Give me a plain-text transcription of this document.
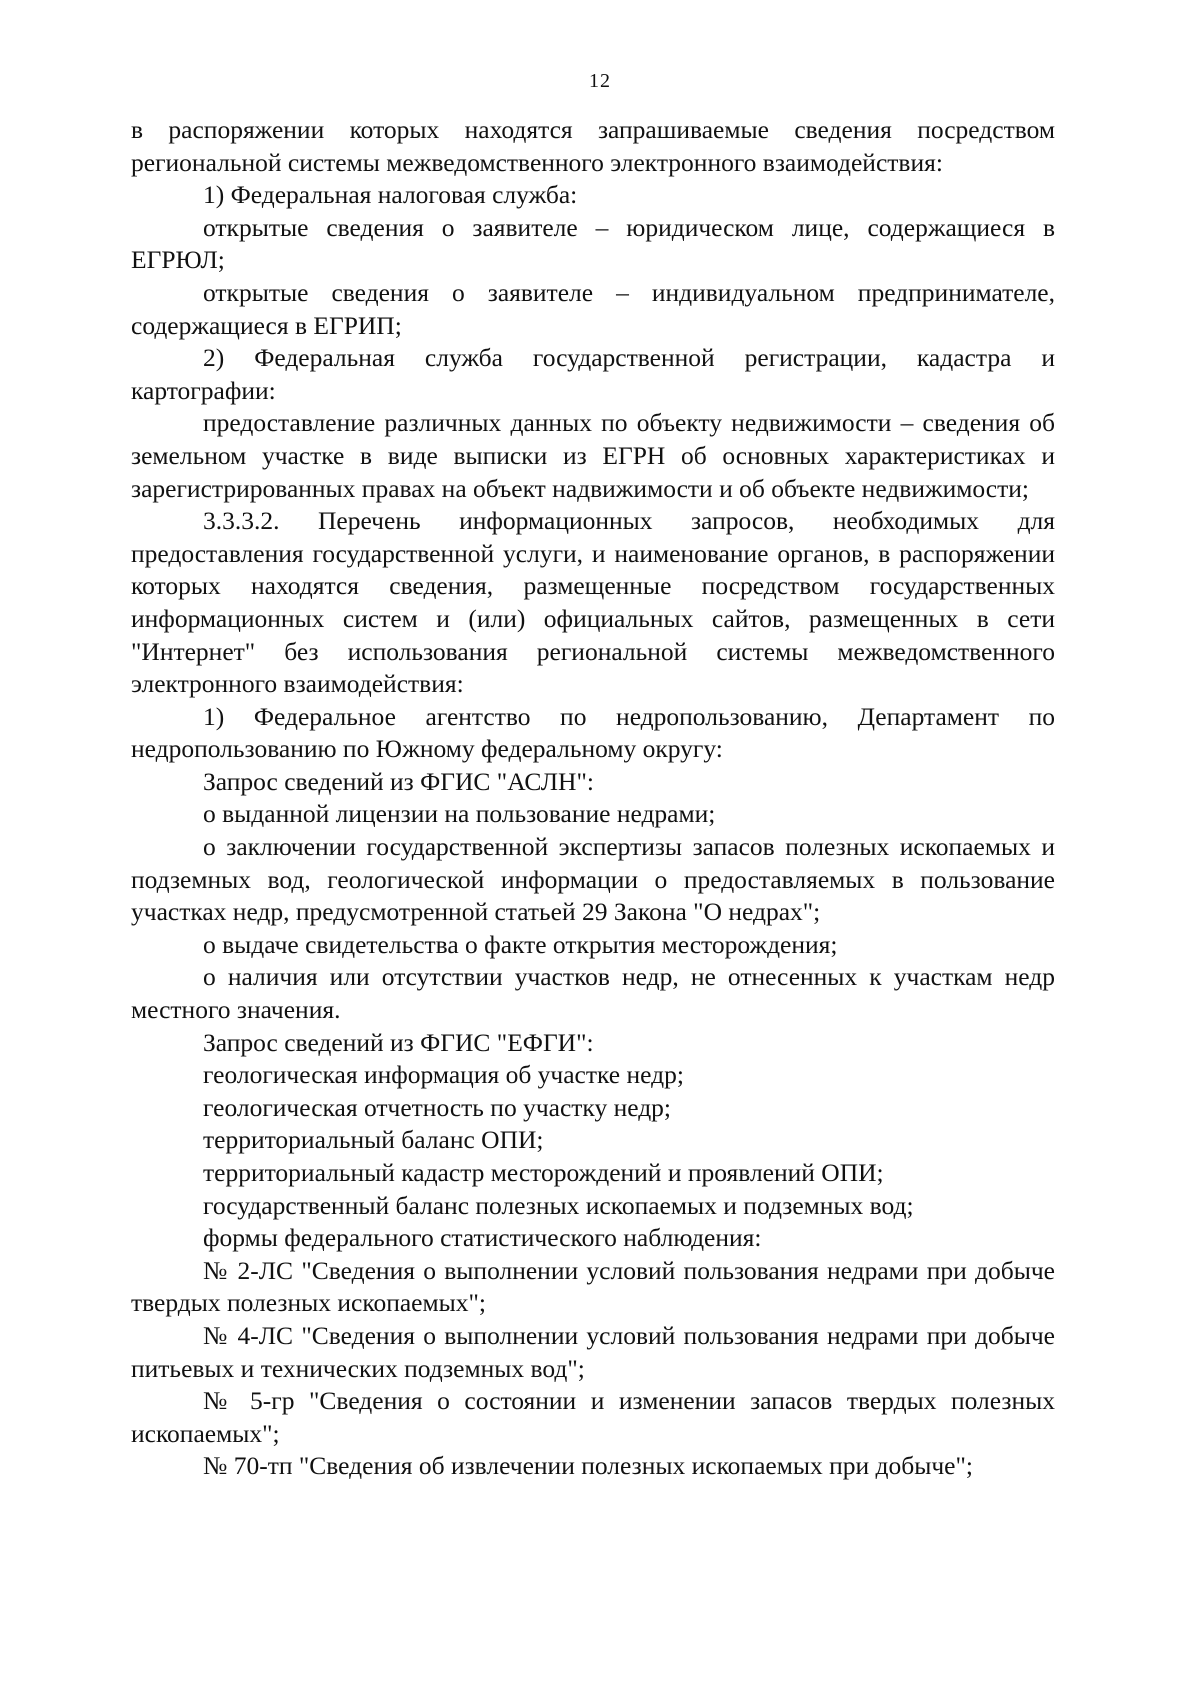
12

в распоряжении которых находятся запрашиваемые сведения посредством региональной системы межведомственного электронного взаимодействия:

1) Федеральная налоговая служба:

открытые сведения о заявителе – юридическом лице, содержащиеся в ЕГРЮЛ;

открытые сведения о заявителе – индивидуальном предпринимателе, содержащиеся в ЕГРИП;

2) Федеральная служба государственной регистрации, кадастра и картографии:

предоставление различных данных по объекту недвижимости – сведения об земельном участке в виде выписки из ЕГРН об основных характеристиках и зарегистрированных правах на объект надвижимости и об объекте недвижимости;

3.3.3.2. Перечень информационных запросов, необходимых для предоставления государственной услуги, и наименование органов, в распоряжении которых находятся сведения, размещенные посредством государственных информационных систем и (или) официальных сайтов, размещенных в сети "Интернет" без использования региональной системы межведомственного электронного взаимодействия:

1) Федеральное агентство по недропользованию, Департамент по недропользованию по Южному федеральному округу:

Запрос сведений из ФГИС "АСЛН":

о выданной лицензии на пользование недрами;

о заключении государственной экспертизы запасов полезных ископаемых и подземных вод, геологической информации о предоставляемых в пользование участках недр, предусмотренной статьей 29 Закона "О недрах";

о выдаче свидетельства о факте открытия месторождения;

о наличия или отсутствии участков недр, не отнесенных к участкам недр местного значения.

Запрос сведений из ФГИС "ЕФГИ":

геологическая информация об участке недр;

геологическая отчетность по участку недр;

территориальный баланс ОПИ;

территориальный кадастр месторождений и проявлений ОПИ;

государственный баланс полезных ископаемых и подземных вод;

формы федерального статистического наблюдения:

№ 2-ЛС "Сведения о выполнении условий пользования недрами при добыче твердых полезных ископаемых";

№ 4-ЛС "Сведения о выполнении условий пользования недрами при добыче питьевых и технических подземных вод";

№ 5-гр "Сведения о состоянии и изменении запасов твердых полезных ископаемых";

№ 70-тп "Сведения об извлечении полезных ископаемых при добыче";
